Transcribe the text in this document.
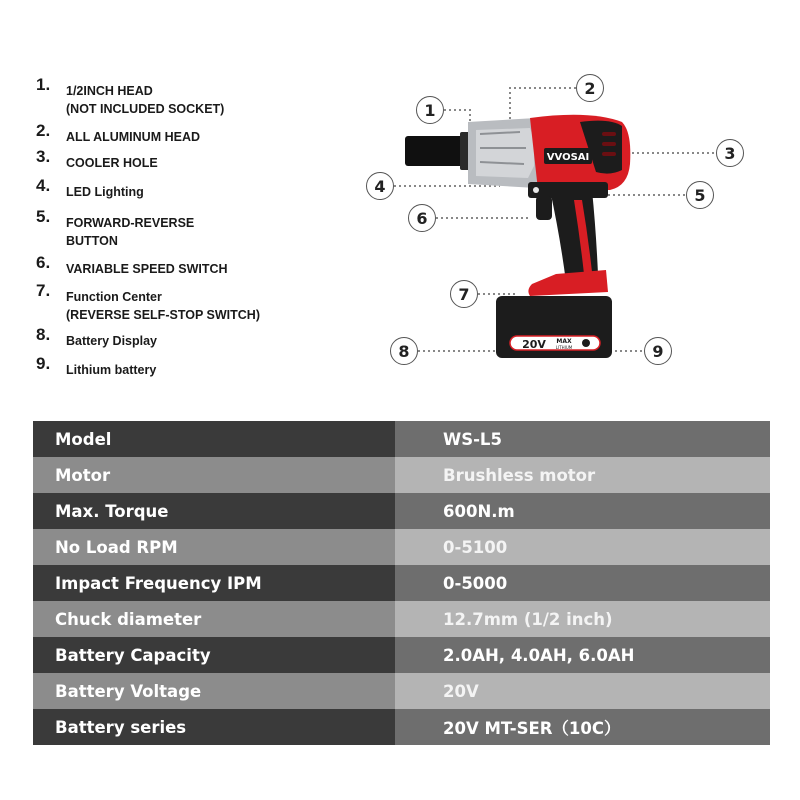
1. 1/2INCH HEAD
(NOT INCLUDED SOCKET)
2. ALL ALUMINUM HEAD
3. COOLER HOLE
4. LED Lighting
5. FORWARD-REVERSE
BUTTON
6. VARIABLE SPEED SWITCH
7. Function Center
(REVERSE SELF-STOP SWITCH)
8. Battery Display
9. Lithium battery
VVOSAI
20V MAX
LITHIUM
1
2
3
4	5
6
7
8	9
Model	WS-L5
Motor	Brushless motor
Max. Torque	600N.m
No Load RPM	0-5100
Impact Frequency IPM	0-5000
Chuck diameter	12.7mm (1/2 inch)
Battery Capacity	2.0AH, 4.0AH, 6.0AH
Battery Voltage	20V
Battery series	20V MT-SER（10C）
